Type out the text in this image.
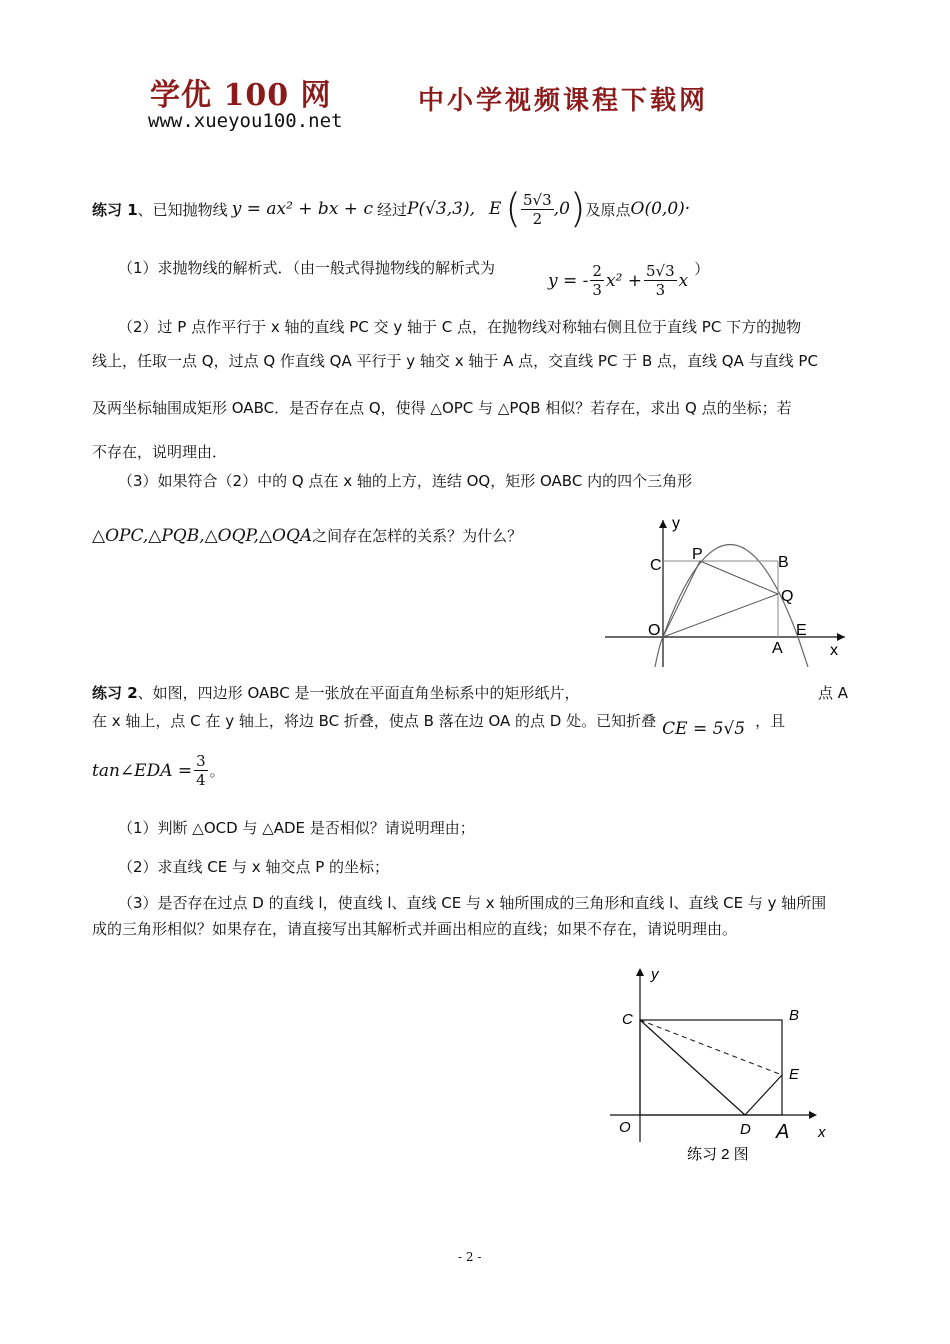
学优 100 网
www.xueyou100.net
中小学视频课程下载网
练习 1 、已知抛物线 y = ax² + bx + c 经过 P(√3,3), E ( $\frac{5√3}{2} ,0$ ) 及原点 O(0,0)·
（1）求抛物线的解析式．（由一般式得抛物线的解析式为
y = - $\frac{2}{3} x^2 + \frac{5√3}{3}$ x
）
（2）过 P 点作平行于 x 轴的直线 PC 交 y 轴于 C 点，在抛物线对称轴右侧且位于直线 PC 下方的抛物
线上，任取一点 Q，过点 Q 作直线 QA 平行于 y 轴交 x 轴于 A 点，交直线 PC 于 B 点，直线 QA 与直线 PC
及两坐标轴围成矩形 OABC．是否存在点 Q，使得 △OPC 与 △PQB 相似？若存在，求出 Q 点的坐标；若
不存在，说明理由．
（3）如果符合（2）中的 Q 点在 x 轴的上方，连结 OQ，矩形 OABC 内的四个三角形
△OPC,△PQB,△OQP,△OQA 之间存在怎样的关系？为什么？
y
x
P	B
C
Q
O	E
A
练习 2、如图，四边形 OABC 是一张放在平面直角坐标系中的矩形纸片，	点 A
在 x 轴上，点 C 在 y 轴上，将边 BC 折叠，使点 B 落在边 OA 的点 D 处。已知折叠 CE = 5√5 ，且
tan∠EDA = $\frac{3}{4}$ 。
（1）判断 △OCD 与 △ADE 是否相似？请说明理由；
（2）求直线 CE 与 x 轴交点 P 的坐标；
（3）是否存在过点 D 的直线 l，使直线 l、直线 CE 与 x 轴所围成的三角形和直线 l、直线 CE 与 y 轴所围
成的三角形相似？如果存在，请直接写出其解析式并画出相应的直线；如果不存在，请说明理由。
y
x
C	B
E
O	D A
练习 2 图
- 2 -
